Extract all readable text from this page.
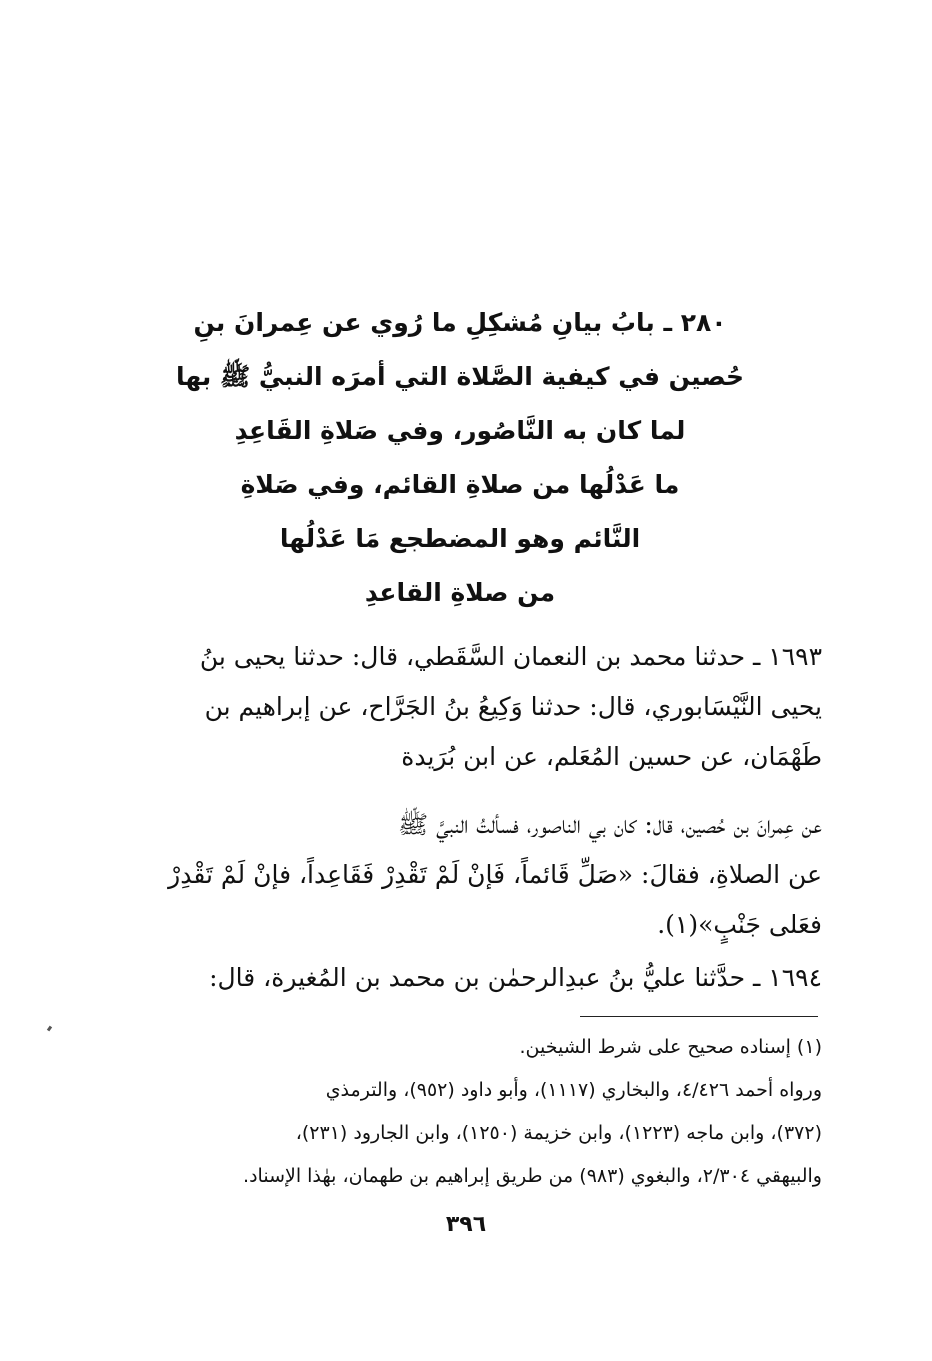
٢٨٠ ـ بابُ بيانِ مُشكِلِ ما رُوي عن عِمرانَ بنِ
حُصين في كيفية الصَّلاة التي أمرَه النبيُّ ﷺ بها
لما كان به النَّاصُور، وفي صَلاةِ القَاعِدِ
ما عَدْلُها من صلاةِ القائم، وفي صَلاةِ
النَّائم وهو المضطجع مَا عَدْلُها
من صلاةِ القاعدِ
١٦٩٣ ـ حدثنا محمد بن النعمان السَّقَطي، قال: حدثنا يحيى بنُ
يحيى النَّيْسَابوري، قال: حدثنا وَكِيعُ بنُ الجَرَّاح، عن إبراهيم بن
طَهْمَان، عن حسين المُعَلم، عن ابن بُرَيدة
عن عِمرانَ بن حُصين، قال: كان بي الناصور، فسألتُ النبيَّ ﷺ
عن الصلاةِ، فقالَ: «صَلِّ قَائماً، فَإنْ لَمْ تَقْدِرْ فَقَاعِداً، فإنْ لَمْ تَقْدِرْ
فعَلى جَنْبٍ»(١).
١٦٩٤ ـ حدَّثنا عليُّ بنُ عبدِالرحمٰن بن محمد بن المُغيرة، قال:
(١) إسناده صحيح على شرط الشيخين.
ورواه أحمد ٤/٤٢٦، والبخاري (١١١٧)، وأبو داود (٩٥٢)، والترمذي
(٣٧٢)، وابن ماجه (١٢٢٣)، وابن خزيمة (١٢٥٠)، وابن الجارود (٢٣١)،
والبيهقي ٢/٣٠٤، والبغوي (٩٨٣) من طريق إبراهيم بن طهمان، بهٰذا الإسناد.
٣٩٦
